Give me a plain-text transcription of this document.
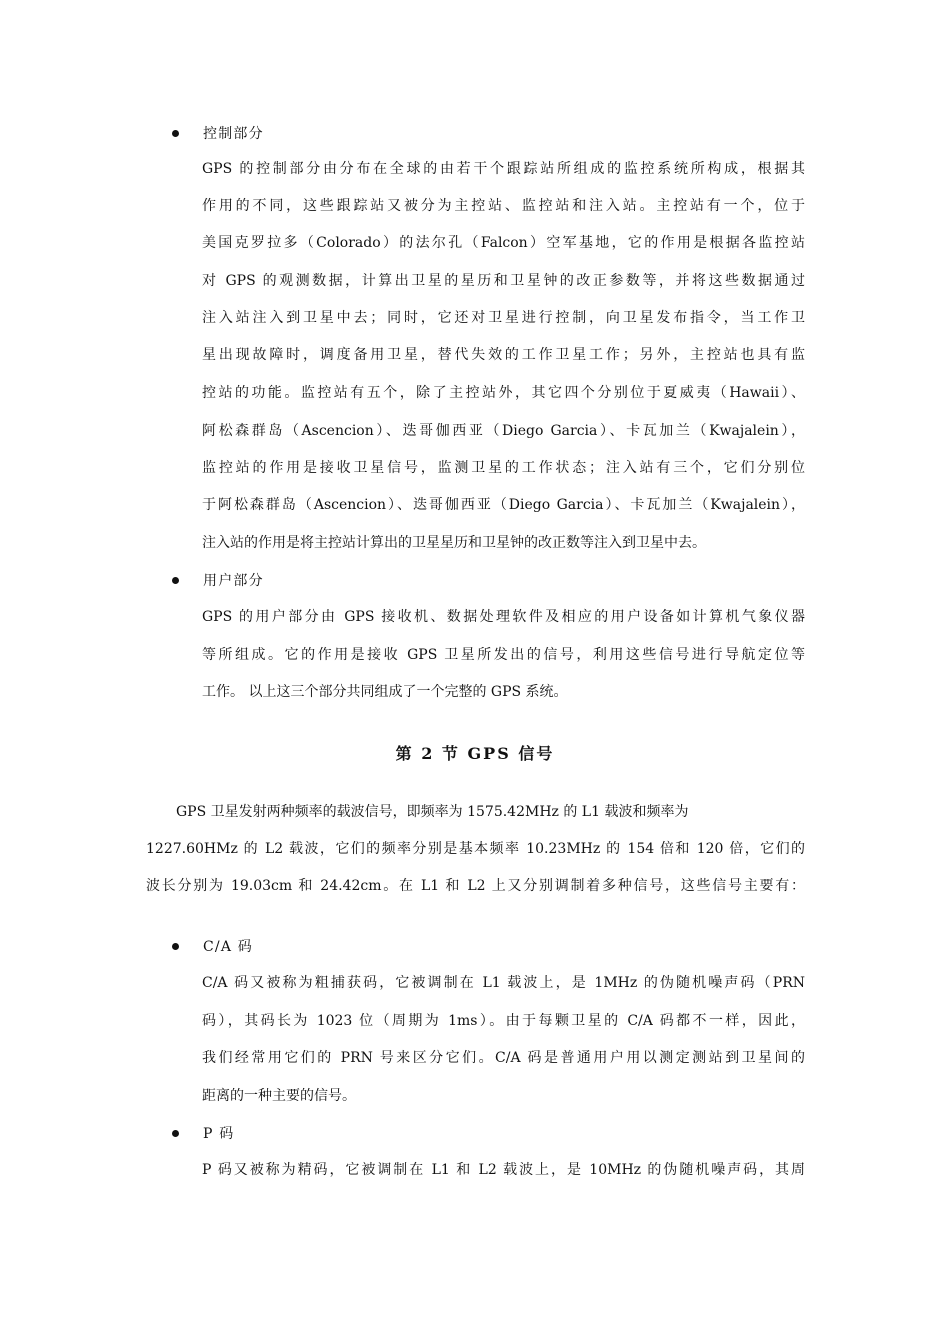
控制部分
GPS 的控制部分由分布在全球的由若干个跟踪站所组成的监控系统所构成，根据其
作用的不同，这些跟踪站又被分为主控站、监控站和注入站。主控站有一个，位于
美国克罗拉多（Colorado）的法尔孔（Falcon）空军基地，它的作用是根据各监控站
对 GPS 的观测数据，计算出卫星的星历和卫星钟的改正参数等，并将这些数据通过
注入站注入到卫星中去；同时，它还对卫星进行控制，向卫星发布指令，当工作卫
星出现故障时，调度备用卫星，替代失效的工作卫星工作；另外，主控站也具有监
控站的功能。监控站有五个，除了主控站外，其它四个分别位于夏威夷（Hawaii）、
阿松森群岛（Ascencion）、迭哥伽西亚（Diego Garcia）、卡瓦加兰（Kwajalein），
监控站的作用是接收卫星信号，监测卫星的工作状态；注入站有三个，它们分别位
于阿松森群岛（Ascencion）、迭哥伽西亚（Diego Garcia）、卡瓦加兰（Kwajalein），
注入站的作用是将主控站计算出的卫星星历和卫星钟的改正数等注入到卫星中去。
用户部分
GPS 的用户部分由 GPS 接收机、数据处理软件及相应的用户设备如计算机气象仪器
等所组成。它的作用是接收 GPS 卫星所发出的信号，利用这些信号进行导航定位等
工作。 以上这三个部分共同组成了一个完整的 GPS 系统。
第 2 节 GPS 信号
GPS 卫星发射两种频率的载波信号，即频率为 1575.42MHz 的 L1 载波和频率为
1227.60HMz 的 L2 载波，它们的频率分别是基本频率 10.23MHz 的 154 倍和 120 倍，它们的
波长分别为 19.03cm 和 24.42cm。在 L1 和 L2 上又分别调制着多种信号，这些信号主要有：
C/A 码
C/A 码又被称为粗捕获码，它被调制在 L1 载波上，是 1MHz 的伪随机噪声码（PRN
码），其码长为 1023 位（周期为 1ms）。由于每颗卫星的 C/A 码都不一样，因此，
我们经常用它们的 PRN 号来区分它们。C/A 码是普通用户用以测定测站到卫星间的
距离的一种主要的信号。
P 码
P 码又被称为精码，它被调制在 L1 和 L2 载波上，是 10MHz 的伪随机噪声码，其周
